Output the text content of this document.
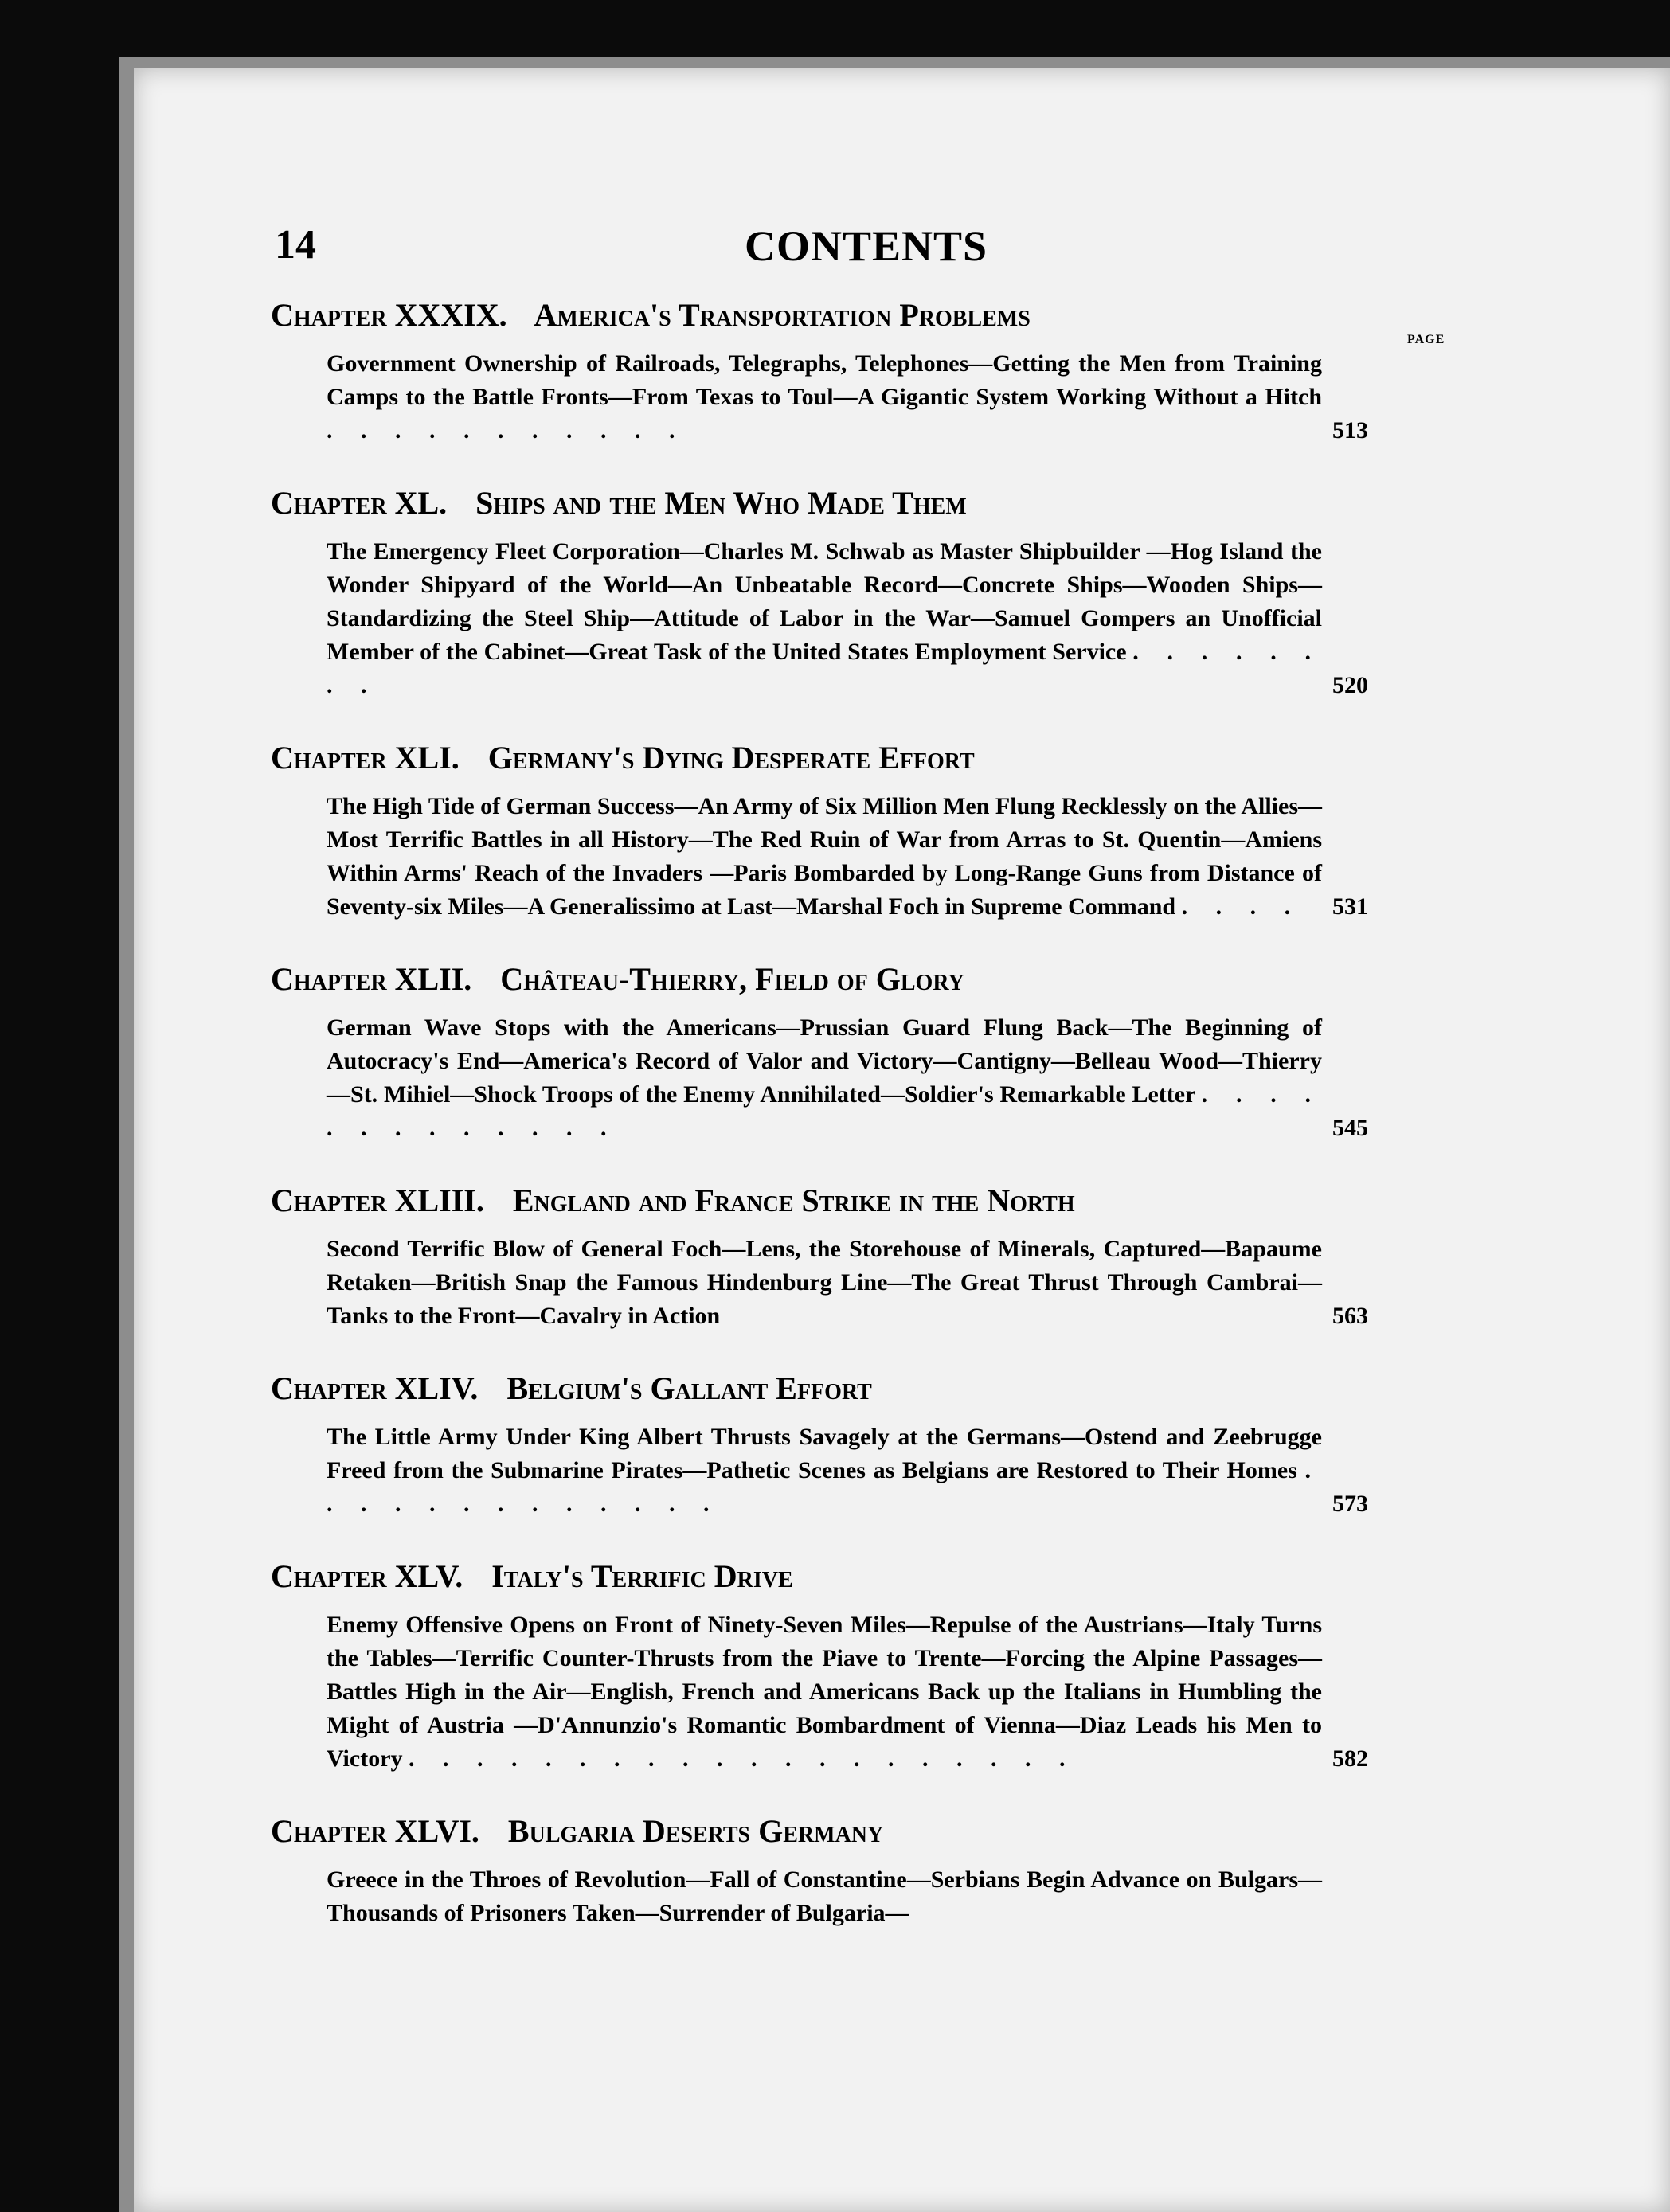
14	CONTENTS
PAGE
Chapter XXXIX. America's Transportation Problems
Government Ownership of Railroads, Telegraphs, Telephones—Getting the Men from Training Camps to the Battle Fronts—From Texas to Toul—A Gigantic System Working Without a Hitch . . . . . . . . . . .	513
Chapter XL. Ships and the Men Who Made Them
The Emergency Fleet Corporation—Charles M. Schwab as Master Shipbuilder —Hog Island the Wonder Shipyard of the World—An Unbeatable Record—Concrete Ships—Wooden Ships—Standardizing the Steel Ship—Attitude of Labor in the War—Samuel Gompers an Unofficial Member of the Cabinet—Great Task of the United States Employment Service . . . . . . . .	520
Chapter XLI. Germany's Dying Desperate Effort
The High Tide of German Success—An Army of Six Million Men Flung Recklessly on the Allies—Most Terrific Battles in all History—The Red Ruin of War from Arras to St. Quentin—Amiens Within Arms' Reach of the Invaders —Paris Bombarded by Long-Range Guns from Distance of Seventy-six Miles—A Generalissimo at Last—Marshal Foch in Supreme Command . . . . 531
Chapter XLII. Château-Thierry, Field of Glory
German Wave Stops with the Americans—Prussian Guard Flung Back—The Beginning of Autocracy's End—America's Record of Valor and Victory—Cantigny—Belleau Wood—Thierry—St. Mihiel—Shock Troops of the Enemy Annihilated—Soldier's Remarkable Letter . . . . . . . . . . . . .	545
Chapter XLIII. England and France Strike in the North
Second Terrific Blow of General Foch—Lens, the Storehouse of Minerals, Captured—Bapaume Retaken—British Snap the Famous Hindenburg Line—The Great Thrust Through Cambrai—Tanks to the Front—Cavalry in Action	563
Chapter XLIV. Belgium's Gallant Effort
The Little Army Under King Albert Thrusts Savagely at the Germans—Ostend and Zeebrugge Freed from the Submarine Pirates—Pathetic Scenes as Belgians are Restored to Their Homes . . . . . . . . . . . . .	573
Chapter XLV. Italy's Terrific Drive
Enemy Offensive Opens on Front of Ninety-Seven Miles—Repulse of the Austrians—Italy Turns the Tables—Terrific Counter-Thrusts from the Piave to Trente—Forcing the Alpine Passages—Battles High in the Air—English, French and Americans Back up the Italians in Humbling the Might of Austria —D'Annunzio's Romantic Bombardment of Vienna—Diaz Leads his Men to Victory . . . . . . . . . . . . . . . . . . . .	582
Chapter XLVI. Bulgaria Deserts Germany
Greece in the Throes of Revolution—Fall of Constantine—Serbians Begin Advance on Bulgars—Thousands of Prisoners Taken—Surrender of Bulgaria—
